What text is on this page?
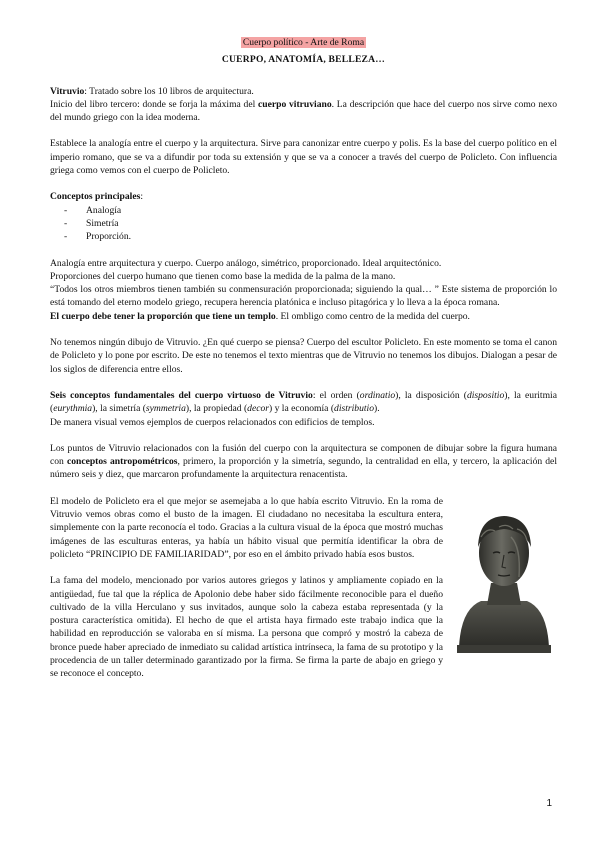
Cuerpo político - Arte de Roma
CUERPO, ANATOMÍA, BELLEZA…

Vitruvio: Tratado sobre los 10 libros de arquitectura.

Inicio del libro tercero: donde se forja la máxima del cuerpo vitruviano. La descripción que hace del cuerpo nos sirve como nexo del mundo griego con la idea moderna.

Establece la analogía entre el cuerpo y la arquitectura. Sirve para canonizar entre cuerpo y polis. Es la base del cuerpo político en el imperio romano, que se va a difundir por toda su extensión y que se va a conocer a través del cuerpo de Policleto. Con influencia griega como vemos con el cuerpo de Policleto.

Conceptos principales:

- Analogía
- Simetría
- Proporción.

Analogía entre arquitectura y cuerpo. Cuerpo análogo, simétrico, proporcionado. Ideal arquitectónico.

Proporciones del cuerpo humano que tienen como base la medida de la palma de la mano.

“Todos los otros miembros tienen también su conmensuración proporcionada; siguiendo la qual… ” Este sistema de proporción lo está tomando del eterno modelo griego, recupera herencia platónica e incluso pitagórica y lo lleva a la época romana.

El cuerpo debe tener la proporción que tiene un templo. El ombligo como centro de la medida del cuerpo.

No tenemos ningún dibujo de Vitruvio. ¿En qué cuerpo se piensa? Cuerpo del escultor Policleto. En este momento se toma el canon de Policleto y lo pone por escrito. De este no tenemos el texto mientras que de Vitruvio no tenemos los dibujos. Dialogan a pesar de los siglos de diferencia entre ellos.

Seis conceptos fundamentales del cuerpo virtuoso de Vitruvio: el orden (ordinatio), la disposición (dispositio), la euritmia (eurythmia), la simetría (symmetria), la propiedad (decor) y la economía (distributio).

De manera visual vemos ejemplos de cuerpos relacionados con edificios de templos.

Los puntos de Vitruvio relacionados con la fusión del cuerpo con la arquitectura se componen de dibujar sobre la figura humana con conceptos antropométricos, primero, la proporción y la simetría, segundo, la centralidad en ella, y tercero, la aplicación del número seis y diez, que marcaron profundamente la arquitectura renacentista.

El modelo de Policleto era el que mejor se asemejaba a lo que había escrito Vitruvio. En la roma de Vitruvio vemos obras como el busto de la imagen. El ciudadano no necesitaba la escultura entera, simplemente con la parte reconocía el todo. Gracias a la cultura visual de la época que mostró muchas imágenes de las esculturas enteras, ya había un hábito visual que permitía identificar la obra de policleto “PRINCIPIO DE FAMILIARIDAD”, por eso en el ámbito privado había esos bustos.

La fama del modelo, mencionado por varios autores griegos y latinos y ampliamente copiado en la antigüedad, fue tal que la réplica de Apolonio debe haber sido fácilmente reconocible para el dueño cultivado de la villa Herculano y sus invitados, aunque solo la cabeza estaba representada (y la postura característica omitida). El hecho de que el artista haya firmado este trabajo indica que la habilidad en reproducción se valoraba en sí misma. La persona que compró y mostró la cabeza de bronce puede haber apreciado de inmediato su calidad artística intrínseca, la fama de su prototipo y la procedencia de un taller determinado garantizado por la firma. Se firma la parte de abajo en griego y se reconoce el concepto.

1
